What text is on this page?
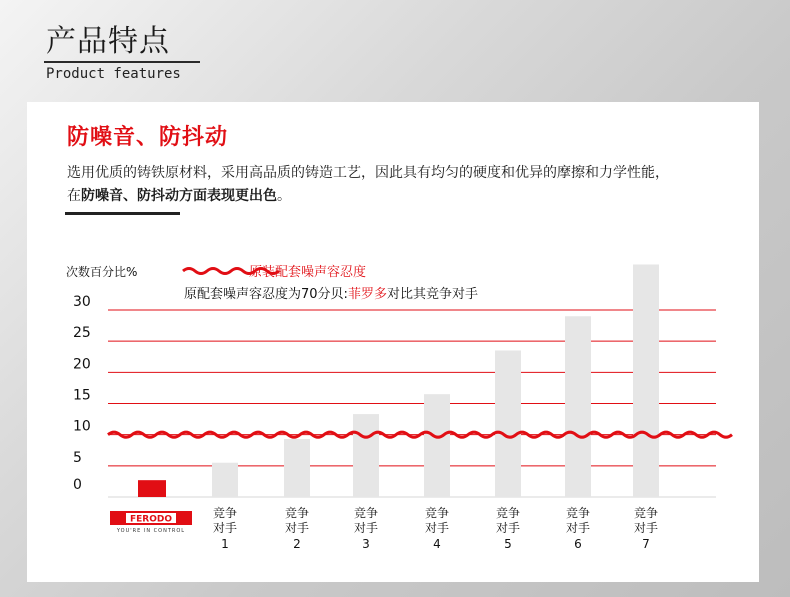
产品特点
Product features
防噪音、防抖动
选用优质的铸铁原材料，采用高品质的铸造工艺，因此具有均匀的硬度和优异的摩擦和力学性能，
在防噪音、防抖动方面表现更出色。
次数百分比%
0
5
10
15
20
25
30
原装配套噪声容忍度
原配套噪声容忍度为70分贝:菲罗多对比其竞争对手
FERODO
YOU'RE IN CONTROL
竞争
对手
1
竞争
对手
2
竞争
对手
3
竞争
对手
4
竞争
对手
5
竞争
对手
6
竞争
对手
7
